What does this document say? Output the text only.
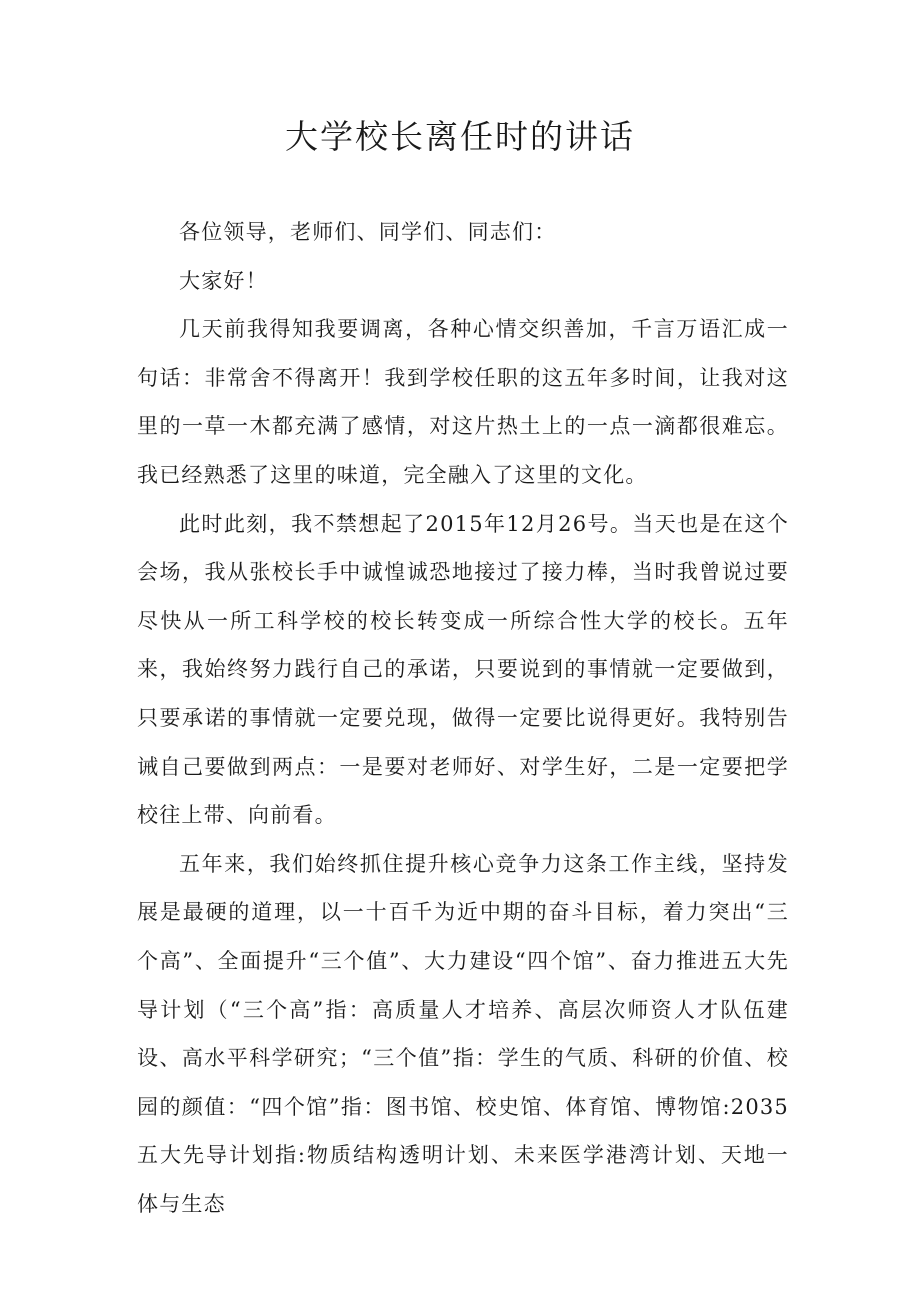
大学校长离任时的讲话

各位领导，老师们、同学们、同志们：

大家好！

几天前我得知我要调离，各种心情交织善加，千言万语汇成一句话：非常舍不得离开！我到学校任职的这五年多时间，让我对这里的一草一木都充满了感情，对这片热土上的一点一滴都很难忘。我已经熟悉了这里的味道，完全融入了这里的文化。

此时此刻，我不禁想起了2015年12月26号。当天也是在这个会场，我从张校长手中诚惶诚恐地接过了接力棒，当时我曾说过要尽快从一所工科学校的校长转变成一所综合性大学的校长。五年来，我始终努力践行自己的承诺，只要说到的事情就一定要做到，只要承诺的事情就一定要兑现，做得一定要比说得更好。我特别告诫自己要做到两点：一是要对老师好、对学生好，二是一定要把学校往上带、向前看。

五年来，我们始终抓住提升核心竞争力这条工作主线，坚持发展是最硬的道理，以一十百千为近中期的奋斗目标，着力突出“三个高”、全面提升“三个值”、大力建设“四个馆”、奋力推进五大先导计划（“三个高”指：高质量人才培养、高层次师资人才队伍建设、高水平科学研究；“三个值”指：学生的气质、科研的价值、校园的颜值：“四个馆”指：图书馆、校史馆、体育馆、博物馆:2035五大先导计划指:物质结构透明计划、未来医学港湾计划、天地一体与生态
